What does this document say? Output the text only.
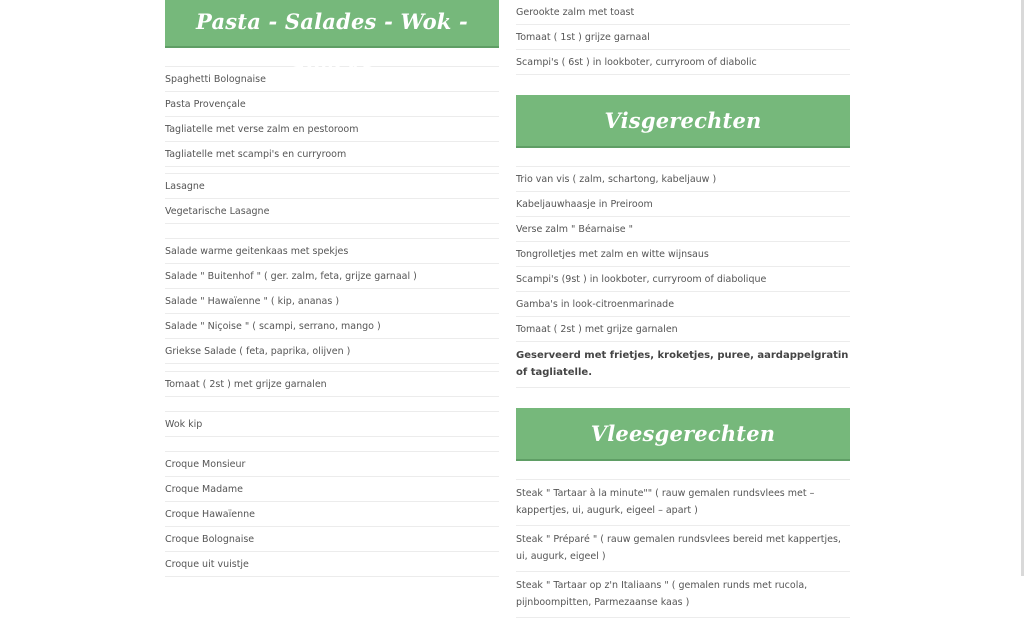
Pasta - Salades - Wok - Snacks
Spaghetti Bolognaise
Pasta Provençale
Tagliatelle met verse zalm en pestoroom
Tagliatelle met scampi's en curryroom
Lasagne
Vegetarische Lasagne
Salade warme geitenkaas met spekjes
Salade " Buitenhof " ( ger. zalm, feta, grijze garnaal )
Salade " Hawaïenne " ( kip, ananas )
Salade " Niçoise " ( scampi, serrano, mango )
Griekse Salade ( feta, paprika, olijven )
Tomaat ( 2st ) met grijze garnalen
Wok kip
Croque Monsieur
Croque Madame
Croque Hawaïenne
Croque Bolognaise
Croque uit vuistje
Gerookte zalm met toast
Tomaat ( 1st ) grijze garnaal
Scampi's ( 6st ) in lookboter, curryroom of diabolic
Visgerechten
Trio van vis ( zalm, schartong, kabeljauw )
Kabeljauwhaasje in Preiroom
Verse zalm " Béarnaise "
Tongrolletjes met zalm en witte wijnsaus
Scampi's (9st ) in lookboter, curryroom of diabolique
Gamba's in look-citroenmarinade
Tomaat ( 2st ) met grijze garnalen
Geserveerd met frietjes, kroketjes, puree, aardappelgratin of tagliatelle.
Vleesgerechten
Steak " Tartaar à la minute"" ( rauw gemalen rundsvlees met – kappertjes, ui, augurk, eigeel – apart )
Steak " Préparé " ( rauw gemalen rundsvlees bereid met kappertjes, ui, augurk, eigeel )
Steak " Tartaar op z'n Italiaans " ( gemalen runds met rucola, pijnboompitten, Parmezaanse kaas )
